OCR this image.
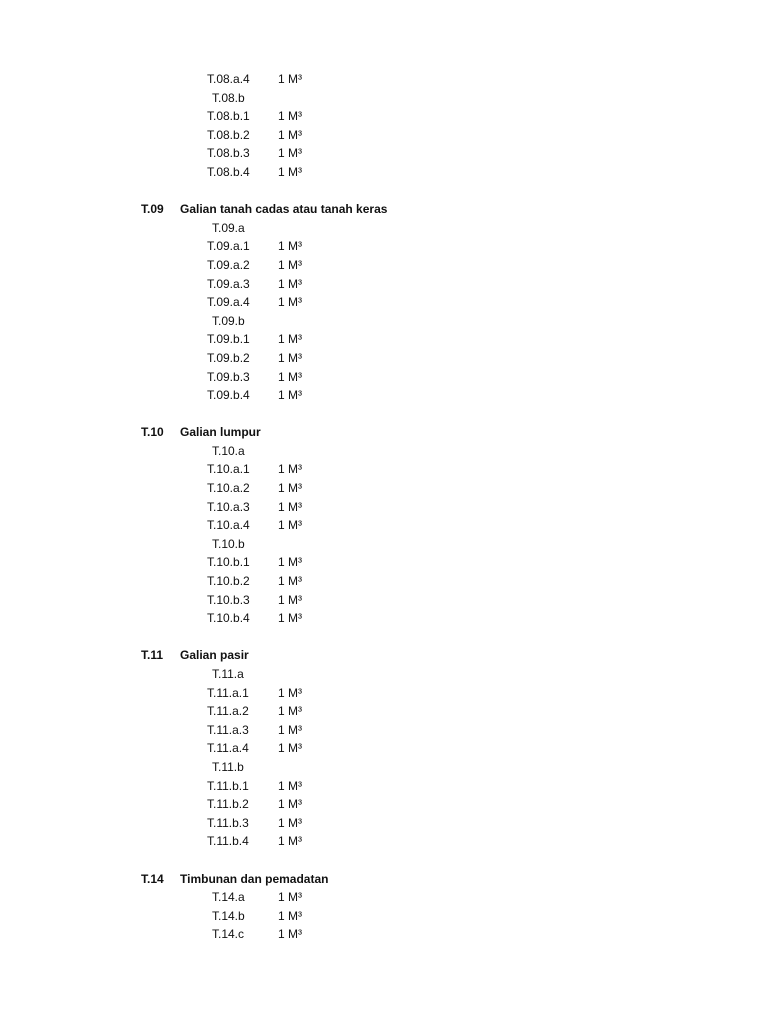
T.08.a.4 1 M³
T.08.b
T.08.b.1 1 M³
T.08.b.2 1 M³
T.08.b.3 1 M³
T.08.b.4 1 M³
T.09 Galian tanah cadas atau tanah keras
T.09.a
T.09.a.1 1 M³
T.09.a.2 1 M³
T.09.a.3 1 M³
T.09.a.4 1 M³
T.09.b
T.09.b.1 1 M³
T.09.b.2 1 M³
T.09.b.3 1 M³
T.09.b.4 1 M³
T.10 Galian lumpur
T.10.a
T.10.a.1 1 M³
T.10.a.2 1 M³
T.10.a.3 1 M³
T.10.a.4 1 M³
T.10.b
T.10.b.1 1 M³
T.10.b.2 1 M³
T.10.b.3 1 M³
T.10.b.4 1 M³
T.11 Galian pasir
T.11.a
T.11.a.1 1 M³
T.11.a.2 1 M³
T.11.a.3 1 M³
T.11.a.4 1 M³
T.11.b
T.11.b.1 1 M³
T.11.b.2 1 M³
T.11.b.3 1 M³
T.11.b.4 1 M³
T.14 Timbunan dan pemadatan
T.14.a	1 M³
T.14.b	1 M³
T.14.c	1 M³
